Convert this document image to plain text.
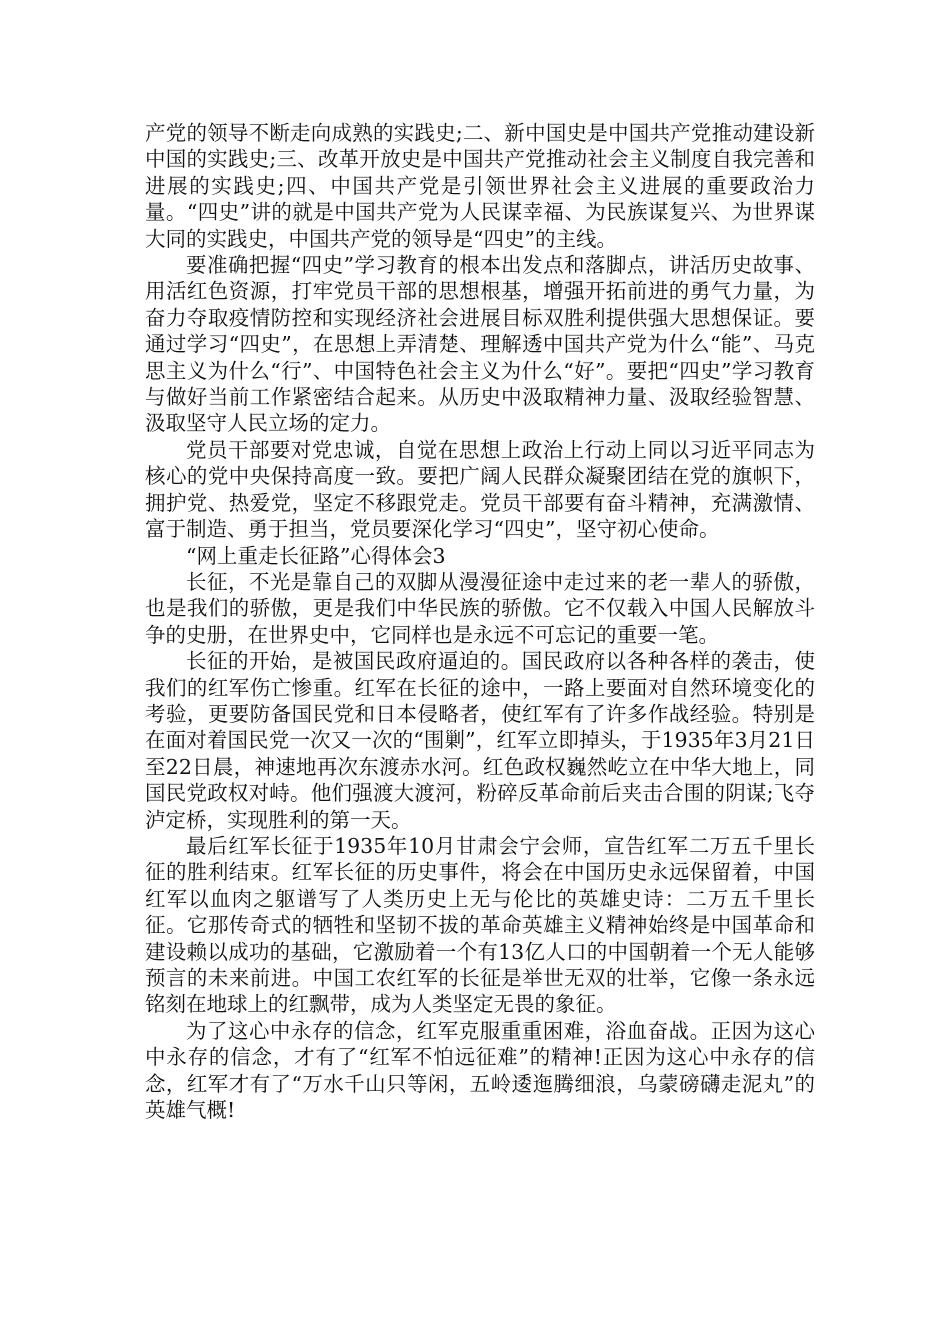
产党的领导不断走向成熟的实践史;二、新中国史是中国共产党推动建设新中国的实践史;三、改革开放史是中国共产党推动社会主义制度自我完善和进展的实践史;四、中国共产党是引领世界社会主义进展的重要政治力量。“四史”讲的就是中国共产党为人民谋幸福、为民族谋复兴、为世界谋大同的实践史，中国共产党的领导是“四史”的主线。

要准确把握“四史”学习教育的根本出发点和落脚点，讲活历史故事、用活红色资源，打牢党员干部的思想根基，增强开拓前进的勇气力量，为奋力夺取疫情防控和实现经济社会进展目标双胜利提供强大思想保证。要通过学习“四史”，在思想上弄清楚、理解透中国共产党为什么“能”、马克思主义为什么“行”、中国特色社会主义为什么“好”。要把“四史”学习教育与做好当前工作紧密结合起来。从历史中汲取精神力量、汲取经验智慧、汲取坚守人民立场的定力。

党员干部要对党忠诚，自觉在思想上政治上行动上同以习近平同志为核心的党中央保持高度一致。要把广阔人民群众凝聚团结在党的旗帜下，拥护党、热爱党，坚定不移跟党走。党员干部要有奋斗精神，充满激情、富于制造、勇于担当，党员要深化学习“四史”，坚守初心使命。

“网上重走长征路”心得体会3

长征，不光是靠自己的双脚从漫漫征途中走过来的老一辈人的骄傲，也是我们的骄傲，更是我们中华民族的骄傲。它不仅载入中国人民解放斗争的史册，在世界史中，它同样也是永远不可忘记的重要一笔。

长征的开始，是被国民政府逼迫的。国民政府以各种各样的袭击，使我们的红军伤亡惨重。红军在长征的途中，一路上要面对自然环境变化的考验，更要防备国民党和日本侵略者，使红军有了许多作战经验。特别是在面对着国民党一次又一次的“围剿”，红军立即掉头，于1935年3月21日至22日晨，神速地再次东渡赤水河。红色政权巍然屹立在中华大地上，同国民党政权对峙。他们强渡大渡河，粉碎反革命前后夹击合围的阴谋;飞夺泸定桥，实现胜利的第一天。

最后红军长征于1935年10月甘肃会宁会师，宣告红军二万五千里长征的胜利结束。红军长征的历史事件，将会在中国历史永远保留着，中国红军以血肉之躯谱写了人类历史上无与伦比的英雄史诗：二万五千里长征。它那传奇式的牺牲和坚韧不拔的革命英雄主义精神始终是中国革命和建设赖以成功的基础，它激励着一个有13亿人口的中国朝着一个无人能够预言的未来前进。中国工农红军的长征是举世无双的壮举，它像一条永远铭刻在地球上的红飘带，成为人类坚定无畏的象征。

为了这心中永存的信念，红军克服重重困难，浴血奋战。正因为这心中永存的信念，才有了“红军不怕远征难”的精神!正因为这心中永存的信念，红军才有了“万水千山只等闲，五岭逶迤腾细浪，乌蒙磅礴走泥丸”的英雄气概!
